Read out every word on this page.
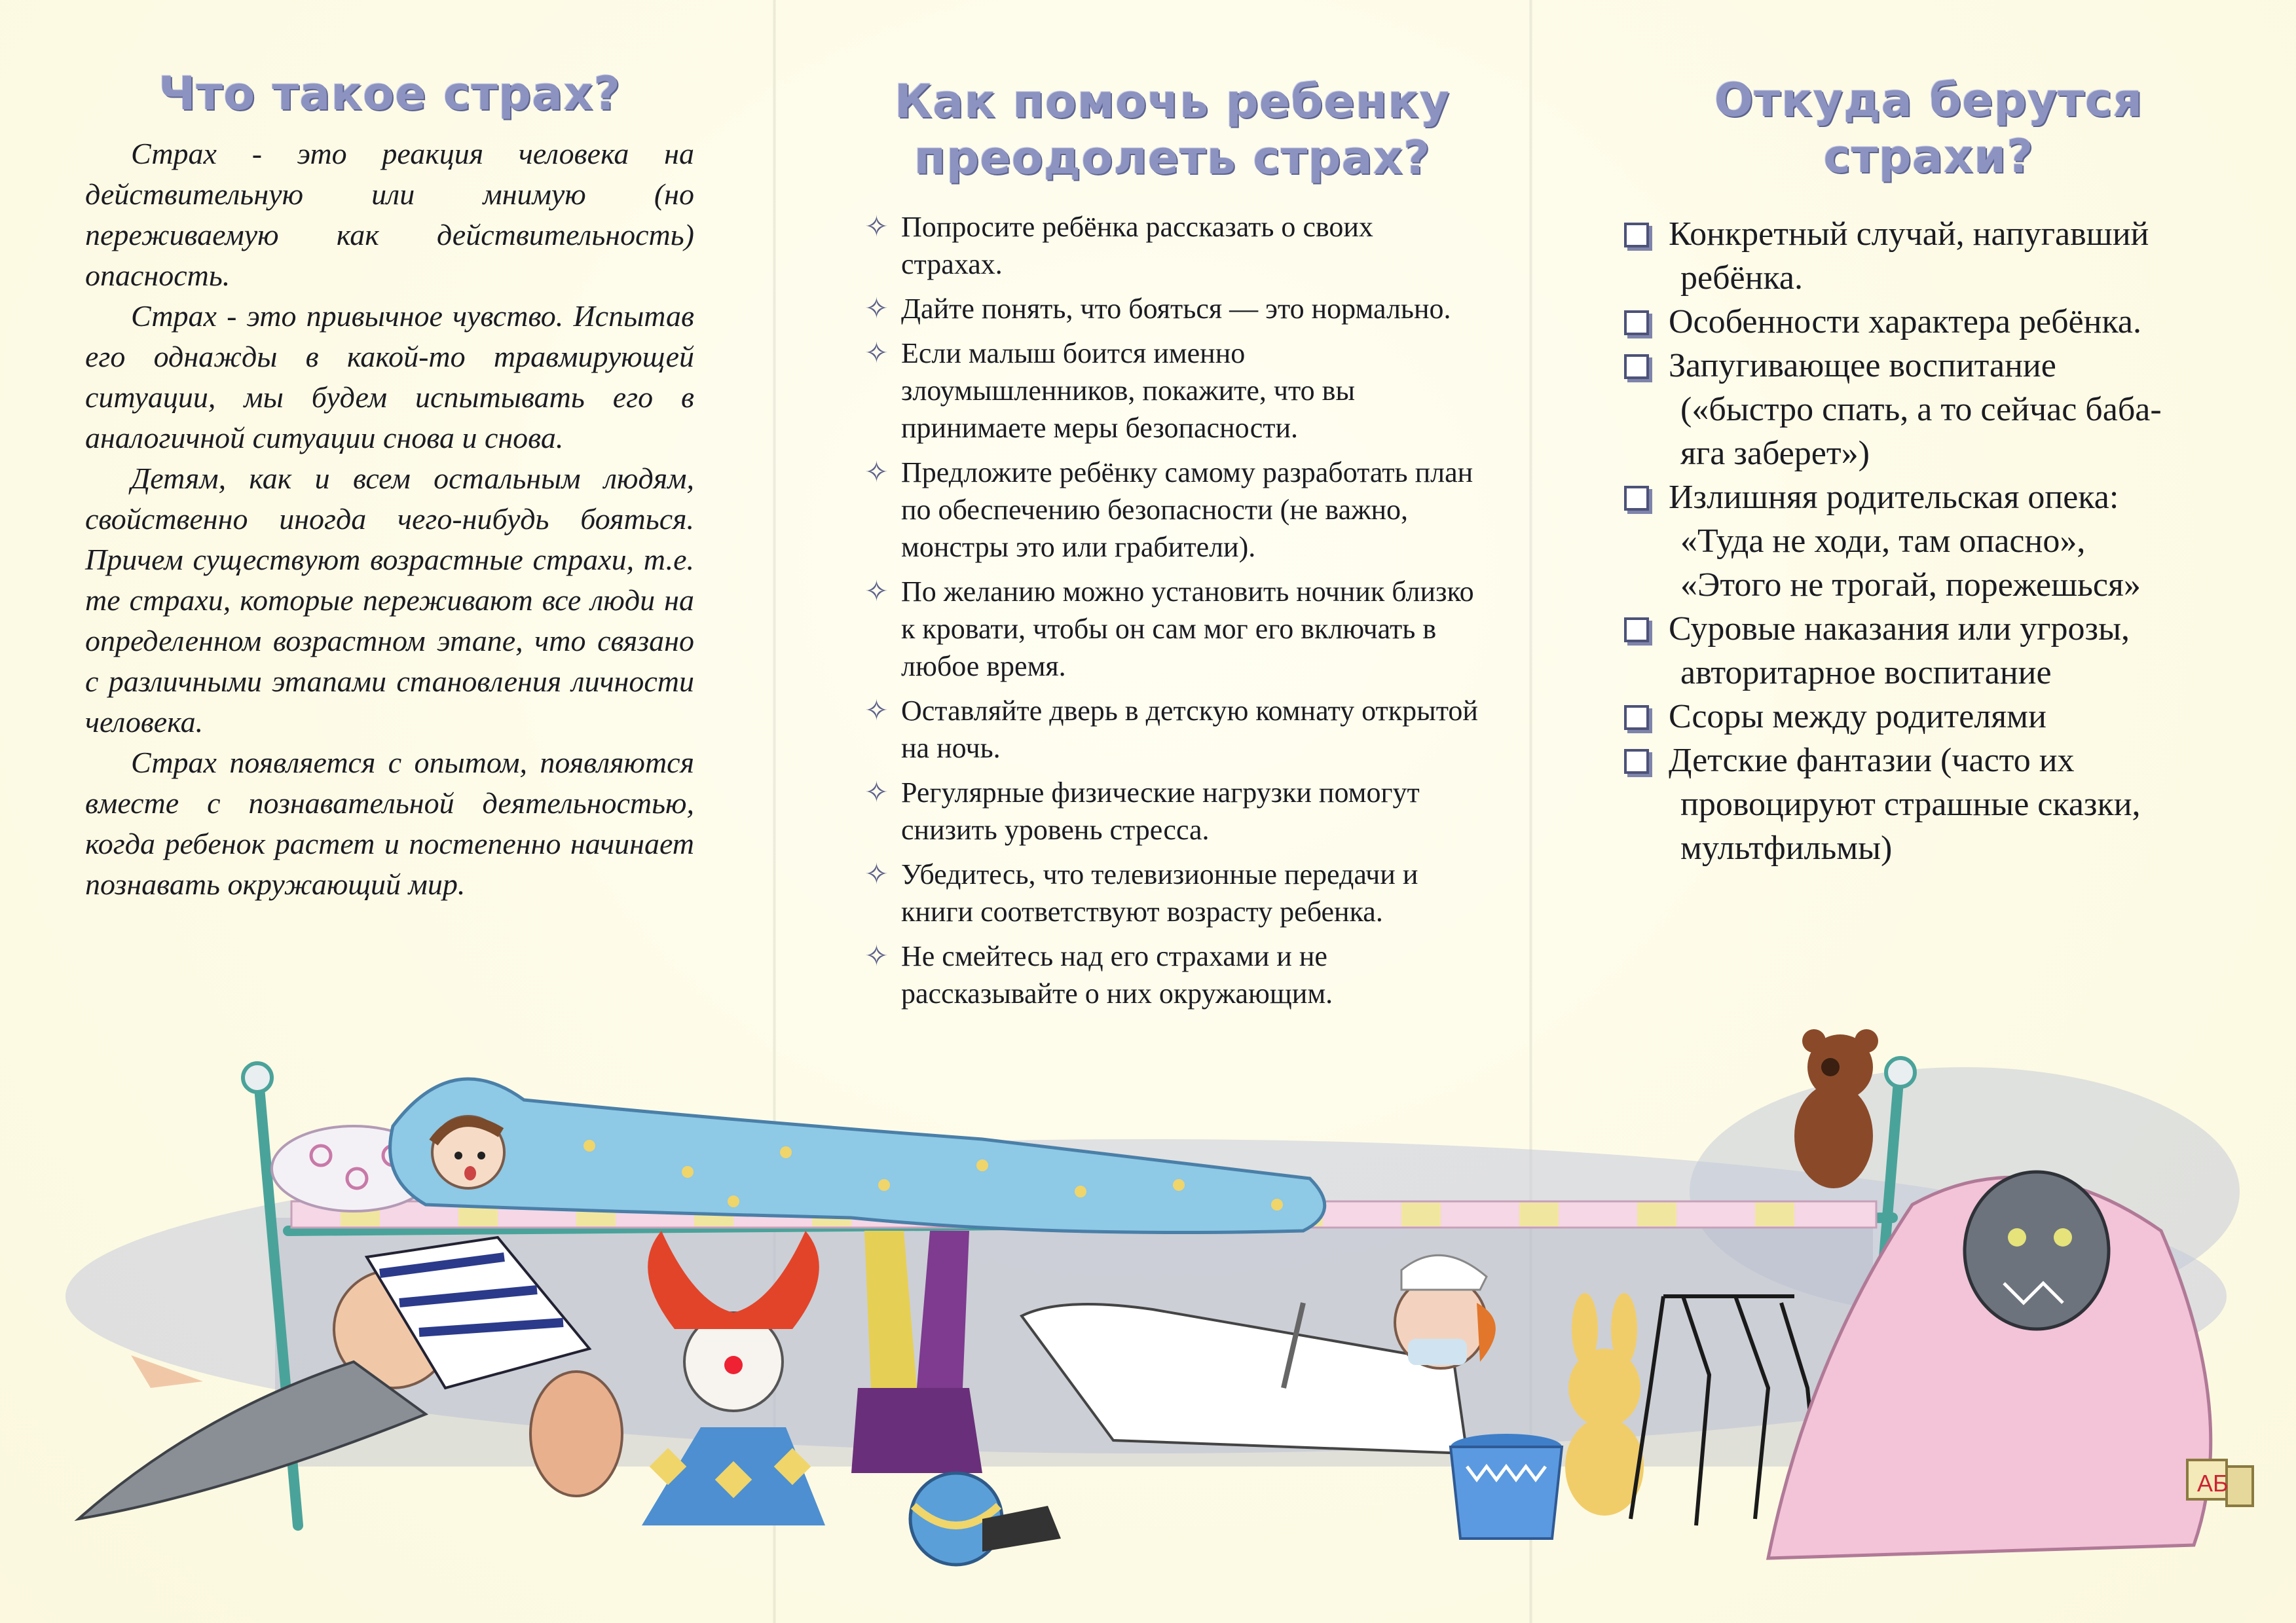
Что такое страх?

Страх - это реакция человека на действительную или мнимую (но переживаемую как действительность) опасность.

Страх - это привычное чувство. Испытав его однажды в какой-то травмирующей ситуации, мы будем испытывать его в аналогичной ситуации снова и снова.

Детям, как и всем остальным людям, свойственно иногда чего-нибудь бояться. Причем существуют возрастные страхи, т.е. те страхи, которые переживают все люди на определенном возрастном этапе, что связано с различными этапами становления личности человека.

Страх появляется с опытом, появляются вместе с познавательной деятельностью, когда ребенок растет и постепенно начинает познавать окружающий мир.

Как помочь ребенку
преодолеть страх?
✧ Попросите ребёнка рассказать о своих страхах.
✧ Дайте понять, что бояться — это нормально.
✧ Если малыш боится именно злоумышленников, покажите, что вы принимаете меры безопасности.
✧ Предложите ребёнку самому разработать план по обеспечению безопасности (не важно, монстры это или грабители).
✧ По желанию можно установить ночник близко к кровати, чтобы он сам мог его включать в любое время.
✧ Оставляйте дверь в детскую комнату открытой на ночь.
✧ Регулярные физические нагрузки помогут снизить уровень стресса.
✧ Убедитесь, что телевизионные передачи и книги соответствуют возрасту ребенка.
✧ Не смейтесь над его страхами и не рассказывайте о них окружающим.
Откуда берутся страхи?
Конкретный случай, напугавший
ребёнка.
Особенности характера ребёнка.
Запугивающее воспитание
(«быстро спать, а то сейчас баба-
яга заберет»)
Излишняя родительская опека:
«Туда не ходи, там опасно»,
«Этого не трогай, порежешься»
Суровые наказания или угрозы,
авторитарное воспитание
Ссоры между родителями
Детские фантазии (часто их
провоцируют страшные сказки,
мультфильмы)
АБ
